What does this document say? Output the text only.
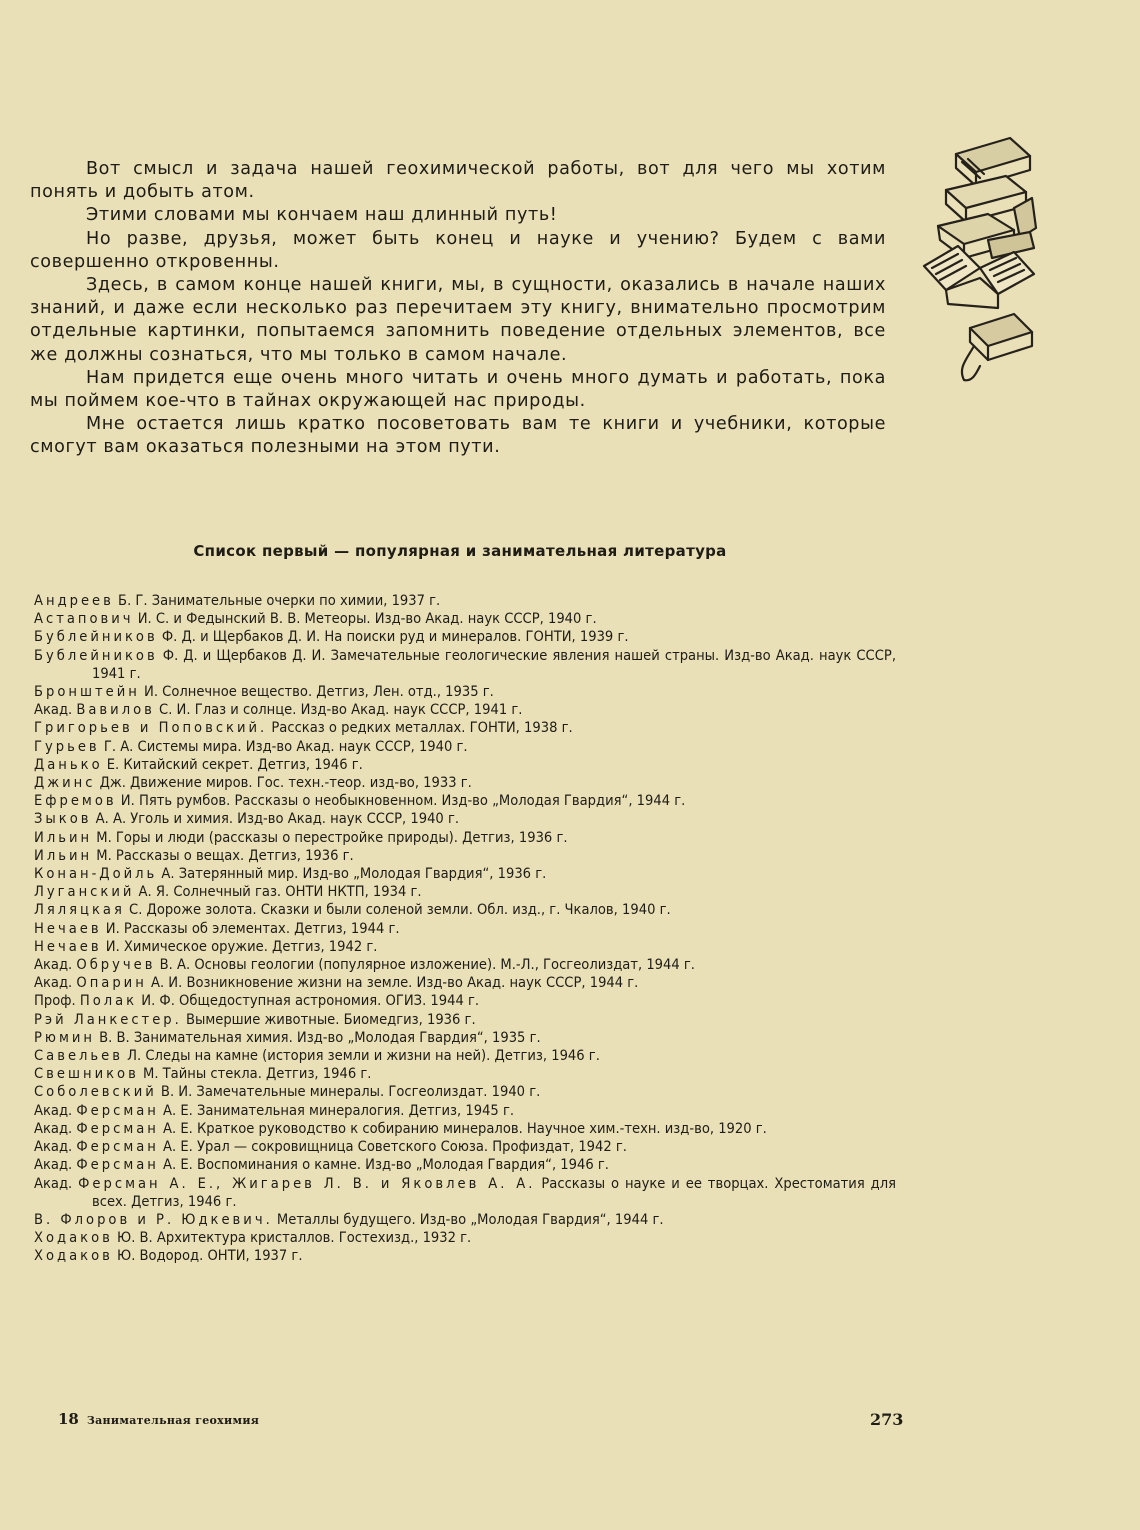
Вот смысл и задача нашей геохимической работы, вот для чего мы хотим понять и добыть атом.

Этими словами мы кончаем наш длинный путь!

Но разве, друзья, может быть конец и науке и учению? Будем с вами совершенно откровенны.

Здесь, в самом конце нашей книги, мы, в сущности, оказались в начале наших знаний, и даже если несколько раз перечитаем эту книгу, внимательно просмотрим отдельные картинки, попытаемся запомнить поведение отдельных элементов, все же должны сознаться, что мы только в самом начале.

Нам придется еще очень много читать и очень много думать и работать, пока мы поймем кое-что в тайнах окружающей нас природы.

Мне остается лишь кратко посоветовать вам те книги и учебники, которые смогут вам оказаться полезными на этом пути.

Список первый — популярная и занимательная литература
Андреев Б. Г. Занимательные очерки по химии, 1937 г.
Астапович И. С. и Федынский В. В. Метеоры. Изд-во Акад. наук СССР, 1940 г.
Бублейников Ф. Д. и Щербаков Д. И. На поиски руд и минералов. ГОНТИ, 1939 г.
Бублейников Ф. Д. и Щербаков Д. И. Замечательные геологические явления нашей страны. Изд-во Акад. наук СССР, 1941 г.
Бронштейн И. Солнечное вещество. Детгиз, Лен. отд., 1935 г.
Акад. Вавилов С. И. Глаз и солнце. Изд-во Акад. наук СССР, 1941 г.
Григорьев и Поповский. Рассказ о редких металлах. ГОНТИ, 1938 г.
Гурьев Г. А. Системы мира. Изд-во Акад. наук СССР, 1940 г.
Данько Е. Китайский секрет. Детгиз, 1946 г.
Джинс Дж. Движение миров. Гос. техн.-теор. изд-во, 1933 г.
Ефремов И. Пять румбов. Рассказы о необыкновенном. Изд-во „Молодая Гвардия“, 1944 г.
Зыков А. А. Уголь и химия. Изд-во Акад. наук СССР, 1940 г.
Ильин М. Горы и люди (рассказы о перестройке природы). Детгиз, 1936 г.
Ильин М. Рассказы о вещах. Детгиз, 1936 г.
Конан-Дойль А. Затерянный мир. Изд-во „Молодая Гвардия“, 1936 г.
Луганский А. Я. Солнечный газ. ОНТИ НКТП, 1934 г.
Ляляцкая С. Дороже золота. Сказки и были соленой земли. Обл. изд., г. Чкалов, 1940 г.
Нечаев И. Рассказы об элементах. Детгиз, 1944 г.
Нечаев И. Химическое оружие. Детгиз, 1942 г.
Акад. Обручев В. А. Основы геологии (популярное изложение). М.-Л., Госгеолиздат, 1944 г.
Акад. Опарин А. И. Возникновение жизни на земле. Изд-во Акад. наук СССР, 1944 г.
Проф. Полак И. Ф. Общедоступная астрономия. ОГИЗ. 1944 г.
Рэй Ланкестер. Вымершие животные. Биомедгиз, 1936 г.
Рюмин В. В. Занимательная химия. Изд-во „Молодая Гвардия“, 1935 г.
Савельев Л. Следы на камне (история земли и жизни на ней). Детгиз, 1946 г.
Свешников М. Тайны стекла. Детгиз, 1946 г.
Соболевский В. И. Замечательные минералы. Госгеолиздат. 1940 г.
Акад. Ферсман А. Е. Занимательная минералогия. Детгиз, 1945 г.
Акад. Ферсман А. Е. Краткое руководство к собиранию минералов. Научное хим.-техн. изд-во, 1920 г.
Акад. Ферсман А. Е. Урал — сокровищница Советского Союза. Профиздат, 1942 г.
Акад. Ферсман А. Е. Воспоминания о камне. Изд-во „Молодая Гвардия“, 1946 г.
Акад. Ферсман А. Е., Жигарев Л. В. и Яковлев А. А. Рассказы о науке и ее творцах. Хрестоматия для всех. Детгиз, 1946 г.
В. Флоров и Р. Юдкевич. Металлы будущего. Изд-во „Молодая Гвардия“, 1944 г.
Ходаков Ю. В. Архитектура кристаллов. Гостехизд., 1932 г.
Ходаков Ю. Водород. ОНТИ, 1937 г.
18 Занимательная геохимия	273
